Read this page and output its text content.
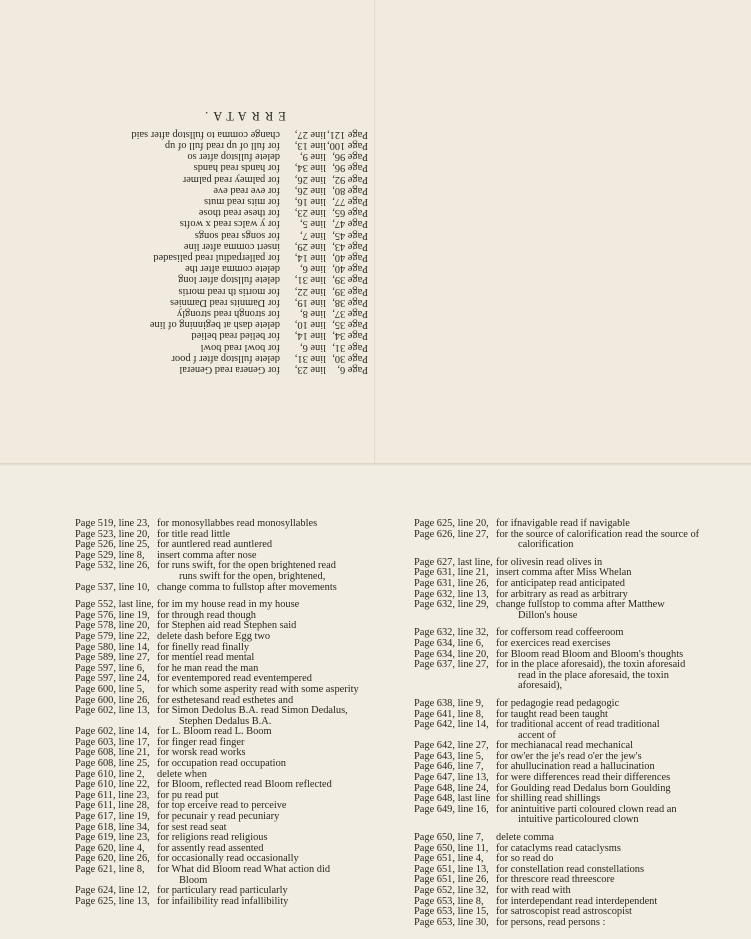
Page 6,
line 23,
for Genera read General
Page 30,
line 31,
delete fullstop after f poor
Page 31,
line 6,
for bowl read bowl
Page 34,
line 14,
for belied read belied
Page 35,
line 10,
delete dash at beginning of line
Page 37,
line 8,
for strongh read strongly
Page 38,
line 19,
for Damnits read Damnies
Page 39,
line 22,
for mortis th read mortis
Page 39,
line 31,
delete fullstop after long
Page 40,
line 6,
delete comma after the
Page 40,
line 14,
for pallerpadiul read palisaded
Page 43,
line 29,
insert comma after line
Page 45,
line 7,
for songs read songs
Page 47,
line 5,
for y walcs read x wofts
Page 65,
line 23,
for these read those
Page 77,
line 16,
for mits read muts
Page 80,
line 26,
for eve read eve
Page 92,
line 26,
for palmey read palmer
Page 96,
line 34,
for hands read hands
Page 96,
line 9,
delete fullstop after so
Page 100,
line 13,
for full of up read full of up
Page 121,
line 27,
change comma to fullstop after said
ERRATA.
Page 519, line 23, for monosyllabbes read monosyllables
Page 523, line 20, for title read little
Page 526, line 25, for auntlered read auntlered
Page 529, line 8,	insert comma after nose
Page 532, line 26, for runs swift, for the open brightened read
runs swift for the open, brightened,
Page 537, line 10, change comma to fullstop after movements
Page 552, last line, for im my house read in my house
Page 576, line 19, for through read though
Page 578, line 20, for Stephen aid read Stephen said
Page 579, line 22, delete dash before Egg two
Page 580, line 14, for finelly read finally
Page 589, line 27, for mentiel read mental
Page 597, line 6,	for he man read the man
Page 597, line 24, for eventempored read eventempered
Page 600, line 5,	for which some asperity read with some asperity
Page 600, line 26, for esthetesand read esthetes and
Page 602, line 13, for Simon Dedolus B.A. read Simon Dedalus,
Stephen Dedalus B.A.
Page 602, line 14, for L. Bloom read L. Boom
Page 603, line 17, for finger read finger
Page 608, line 21, for worsk read works
Page 608, line 25, for occupation read occupation
Page 610, line 2,	delete when
Page 610, line 22, for Bloom, reflected read Bloom reflected
Page 611, line 23, for pu read put
Page 611, line 28, for top erceive read to perceive
Page 617, line 19, for pecunair y read pecuniary
Page 618, line 34, for sest read seat
Page 619, line 23, for religions read religious
Page 620, line 4,	for assently read assented
Page 620, line 26, for occasionally read occasionally
Page 621, line 8,	for What did Bloom read What action did
Bloom
Page 624, line 12, for particulary read particularly
Page 625, line 13, for infailibility read infallibility
Page 625, line 20, for ifnavigable read if navigable
Page 626, line 27, for the source of calorification read the source of
calorification
Page 627, last line, for olivesin read olives in
Page 631, line 21, insert comma after Miss Whelan
Page 631, line 26, for anticipatep read anticipated
Page 632, line 13, for arbitrary as read as arbitrary
Page 632, line 29, change fullstop to comma after Matthew
Dillon's house
Page 632, line 32, for coffersom read coffeeroom
Page 634, line 6,	for exercices read exercises
Page 634, line 20, for Bloom read Bloom and Bloom's thoughts
Page 637, line 27, for in the place aforesaid), the toxin aforesaid
read in the place aforesaid, the toxin aforesaid),
Page 638, line 9,	for pedagogie read pedagogic
Page 641, line 8,	for taught read been taught
Page 642, line 14, for traditional accent of read traditional
accent of
Page 642, line 27, for mechianacal read mechanical
Page 643, line 5,	for ow'er the je's read o'er the jew's
Page 646, line 7,	for ahullucination read a hallucination
Page 647, line 13, for were differences read their differences
Page 648, line 24, for Goulding read Dedalus born Goulding
Page 648, last line for shilling read shillings
Page 649, line 16, for anintuitive parti coloured clown read an
intuitive particoloured clown
Page 650, line 7,	delete comma
Page 650, line 11, for cataclyms read cataclysms
Page 651, line 4,	for so read do
Page 651, line 13, for constellation read constellations
Page 651, line 26, for threscore read threescore
Page 652, line 32, for with read with
Page 653, line 8,	for interdependant read interdependent
Page 653, line 15, for satroscopist read astroscopist
Page 653, line 30, for persons, read persons :
